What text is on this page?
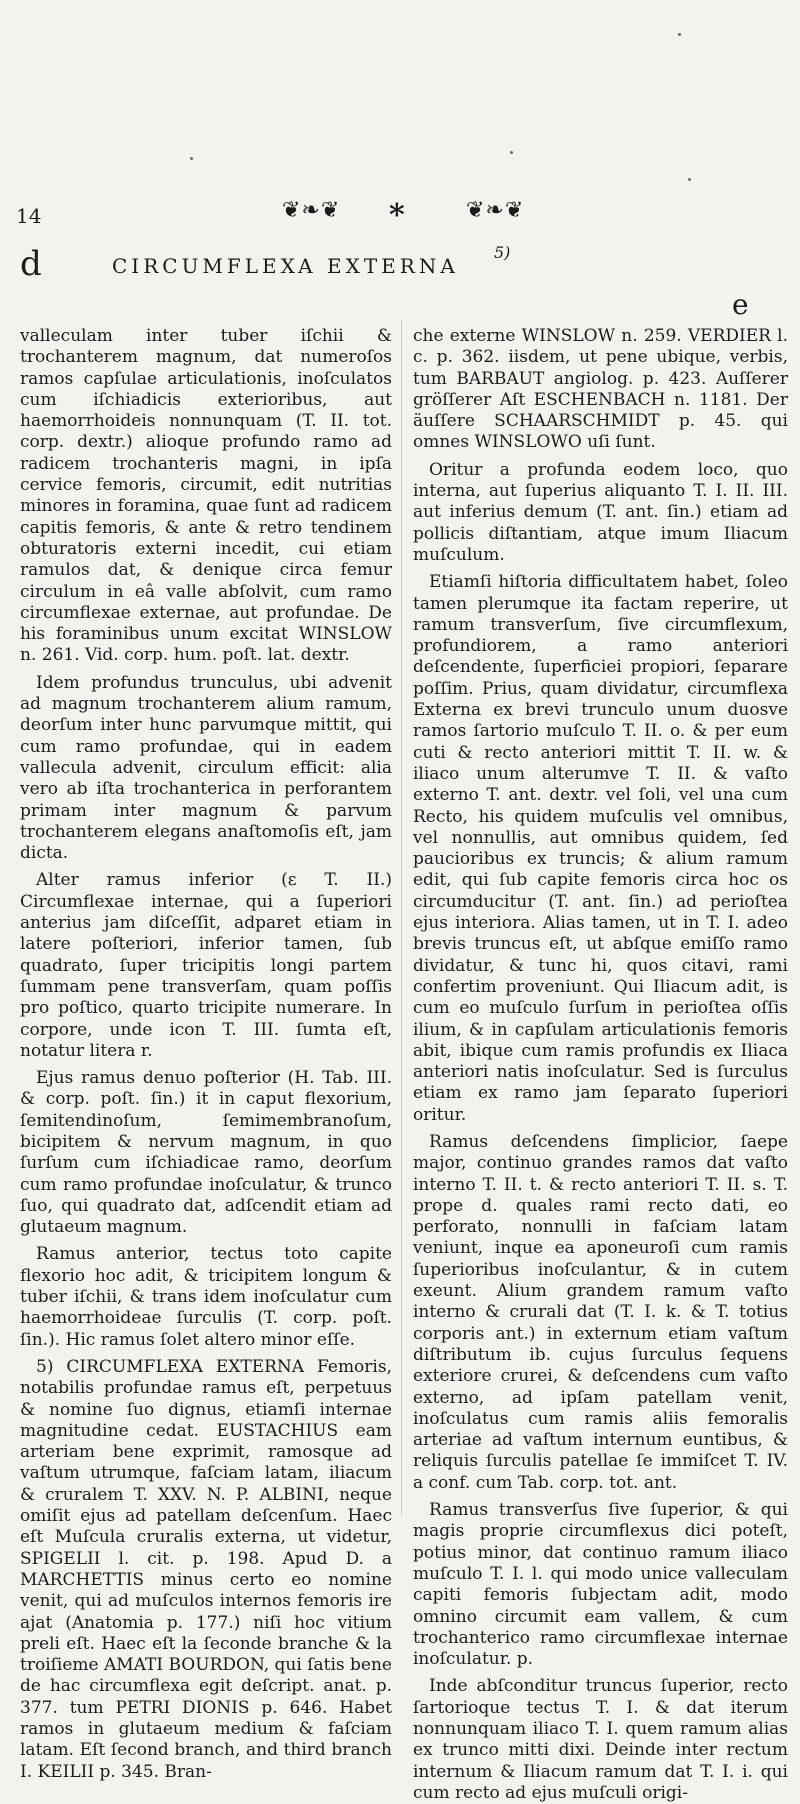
14	❦❧❦ *	❦❧❦
d	CIRCUMFLEXA EXTERNA
5)
e

valleculam inter tuber iſchii & trochanterem magnum, dat numeroſos ramos capſulae articulationis, inoſculatos cum iſchiadicis exterioribus, aut haemorrhoideis nonnunquam (T. II. tot. corp. dextr.) alioque profundo ramo ad radicem trochanteris magni, in ipſa cervice femoris, circumit, edit nutritias minores in foramina, quae ſunt ad radicem capitis femoris, & ante & retro tendinem obturatoris externi incedit, cui etiam ramulos dat, & denique circa femur circulum in eâ valle abſolvit, cum ramo circumflexae externae, aut profundae. De his foraminibus unum excitat WINSLOW n. 261. Vid. corp. hum. poſt. lat. dextr.

Idem profundus trunculus, ubi advenit ad magnum trochanterem alium ramum, deorſum inter hunc parvumque mittit, qui cum ramo profundae, qui in eadem vallecula advenit, circulum efficit: alia vero ab iſta trochanterica in perforantem primam inter magnum & parvum trochanterem elegans anaſtomoſis eſt, jam dicta.

Alter ramus inferior (ε T. II.) Circumflexae internae, qui a ſuperiori anterius jam diſceſſit, adparet etiam in latere poſteriori, inferior tamen, ſub quadrato, ſuper tricipitis longi partem ſummam pene transverſam, quam poſſis pro poſtico, quarto tricipite numerare. In corpore, unde icon T. III. ſumta eſt, notatur litera r.

Ejus ramus denuo poſterior (H. Tab. III. & corp. poſt. ſin.) it in caput flexorium, ſemitendinoſum, ſemimembranoſum, bicipitem & nervum magnum, in quo ſurſum cum iſchiadicae ramo, deorſum cum ramo profundae inoſculatur, & trunco ſuo, qui quadrato dat, adſcendit etiam ad glutaeum magnum.

Ramus anterior, tectus toto capite flexorio hoc adit, & tricipitem longum & tuber iſchii, & trans idem inoſculatur cum haemorrhoideae ſurculis (T. corp. poſt. ſin.). Hic ramus ſolet altero minor eſſe.

5) CIRCUMFLEXA EXTERNA Femoris, notabilis profundae ramus eſt, perpetuus & nomine ſuo dignus, etiamſi internae magnitudine cedat. EUSTACHIUS eam arteriam bene exprimit, ramosque ad vaſtum utrumque, faſciam latam, iliacum & cruralem T. XXV. N. P. ALBINI, neque omiſit ejus ad patellam deſcenſum. Haec eſt Muſcula cruralis externa, ut videtur, SPIGELII l. cit. p. 198. Apud D. a MARCHETTIS minus certo eo nomine venit, qui ad muſculos internos femoris ire ajat (Anatomia p. 177.) niſi hoc vitium preli eſt. Haec eſt la ſeconde branche & la troiſieme AMATI BOURDON, qui ſatis bene de hac circumflexa egit deſcript. anat. p. 377. tum PETRI DIONIS p. 646. Habet ramos in glutaeum medium & faſciam latam. Eſt ſecond branch, and third branch I. KEILII p. 345. Bran-

che externe WINSLOW n. 259. VERDIER l. c. p. 362. iisdem, ut pene ubique, verbis, tum BARBAUT angiolog. p. 423. Auſſerer gröſſerer Aſt ESCHENBACH n. 1181. Der äuſſere SCHAARSCHMIDT p. 45. qui omnes WINSLOWO uſi ſunt.

Oritur a profunda eodem loco, quo interna, aut ſuperius aliquanto T. I. II. III. aut inferius demum (T. ant. ſin.) etiam ad pollicis diſtantiam, atque imum Iliacum muſculum.

Etiamſi hiſtoria difficultatem habet, ſoleo tamen plerumque ita factam reperire, ut ramum transverſum, ſive circumflexum, profundiorem, a ramo anteriori deſcendente, ſuperficiei propiori, ſeparare poſſim. Prius, quam dividatur, circumflexa Externa ex brevi trunculo unum duosve ramos ſartorio muſculo T. II. o. & per eum cuti & recto anteriori mittit T. II. w. & iliaco unum alterumve T. II. & vaſto externo T. ant. dextr. vel ſoli, vel una cum Recto, his quidem muſculis vel omnibus, vel nonnullis, aut omnibus quidem, ſed paucioribus ex truncis; & alium ramum edit, qui ſub capite femoris circa hoc os circumducitur (T. ant. ſin.) ad perioſtea ejus interiora. Alias tamen, ut in T. I. adeo brevis truncus eſt, ut abſque emiſſo ramo dividatur, & tunc hi, quos citavi, rami confertim proveniunt. Qui Iliacum adit, is cum eo muſculo ſurſum in perioſtea oſſis ilium, & in capſulam articulationis femoris abit, ibique cum ramis profundis ex Iliaca anteriori natis inoſculatur. Sed is ſurculus etiam ex ramo jam ſeparato ſuperiori oritur.

Ramus deſcendens ſimplicior, ſaepe major, continuo grandes ramos dat vaſto interno T. II. t. & recto anteriori T. II. s. T. prope d. quales rami recto dati, eo perforato, nonnulli in faſciam latam veniunt, inque ea aponeuroſi cum ramis ſuperioribus inoſculantur, & in cutem exeunt. Alium grandem ramum vaſto interno & crurali dat (T. I. k. & T. totius corporis ant.) in externum etiam vaſtum diſtributum ib. cujus ſurculus ſequens exteriore crurei, & deſcendens cum vaſto externo, ad ipſam patellam venit, inoſculatus cum ramis aliis femoralis arteriae ad vaſtum internum euntibus, & reliquis ſurculis patellae ſe immiſcet T. IV. a conf. cum Tab. corp. tot. ant.

Ramus transverſus ſive ſuperior, & qui magis proprie circumflexus dici poteſt, potius minor, dat continuo ramum iliaco muſculo T. I. l. qui modo unice valleculam capiti femoris ſubjectam adit, modo omnino circumit eam vallem, & cum trochanterico ramo circumflexae internae inoſculatur. p.

Inde abſconditur truncus ſuperior, recto ſartorioque tectus T. I. & dat iterum nonnunquam iliaco T. I. quem ramum alias ex trunco mitti dixi. Deinde inter rectum internum & Iliacum ramum dat T. I. i. qui cum recto ad ejus muſculi origi-
